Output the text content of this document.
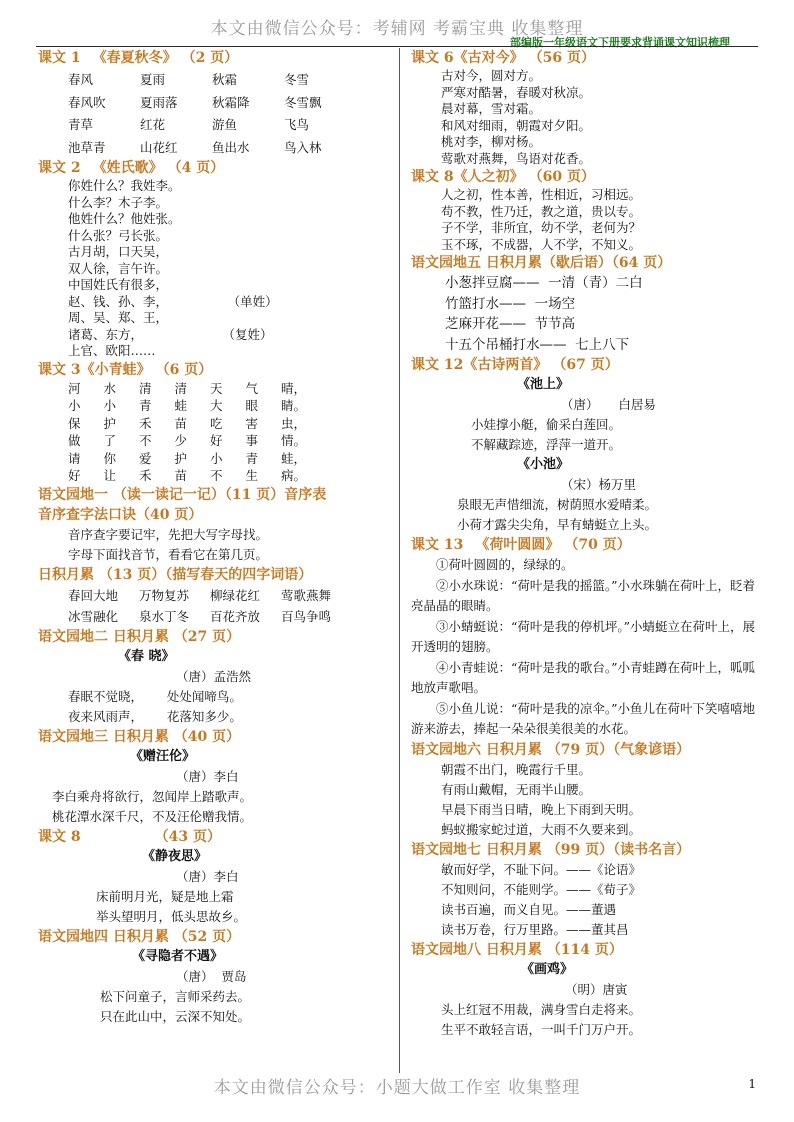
本文由微信公众号：考辅网 考霸宝典 收集整理
部编版一年级语文下册要求背诵课文知识梳理
课文 1 《春夏秋冬》 （2 页）
春风	夏雨	秋霜	冬雪
春风吹	夏雨落	秋霜降	冬雪飘
青草	红花	游鱼	飞鸟
池草青	山花红	鱼出水	鸟入林
课文 2 《姓氏歌》 （4 页）
你姓什么？我姓李。
什么李？木子李。
他姓什么？他姓张。
什么张？弓长张。
古月胡，口天吴，
双人徐，言午许。
中国姓氏有很多，
赵、钱、孙、李，               （单姓）
周、吴、郑、王，
诸葛、东方，                    （复姓）
上官、欧阳……
课文 3《小青蛙》 （6 页）
河 水 清 清 天 气 晴，
小 小 青 蛙 大 眼 睛。
保 护 禾 苗 吃 害 虫，
做 了 不 少 好 事 情。
请 你 爱 护 小 青 蛙，
好 让 禾 苗 不 生 病。
语文园地一 （读一读记一记）（11 页）音序表
音序查字法口诀（40 页）
音序查字要记牢，先把大写字母找。
字母下面找音节，看看它在第几页。
日积月累 （13 页）（描写春天的四字词语）
春回大地 万物复苏 柳绿花红 莺歌燕舞
冰雪融化 泉水丁冬 百花齐放 百鸟争鸣
语文园地二 日积月累 （27 页）
《春 晓》
（唐）孟浩然
春眠不觉晓，      处处闻啼鸟。
夜来风雨声，      花落知多少。
语文园地三 日积月累 （40 页）
《赠汪伦》
（唐）李白
李白乘舟将欲行，忽闻岸上踏歌声。
桃花潭水深千尺，不及汪伦赠我情。
课文 8	（43 页）
《静夜思》
（唐）李白
床前明月光，疑是地上霜
举头望明月，低头思故乡。
语文园地四 日积月累 （52 页）
《寻隐者不遇》
（唐）  贾岛
松下问童子，言师采药去。
只在此山中，云深不知处。
课文 6《古对今》 （56 页）
古对今，圆对方。
严寒对酷暑，春暖对秋凉。
晨对幕，雪对霜。
和风对细雨，朝霞对夕阳。
桃对李，柳对杨。
莺歌对燕舞，鸟语对花香。
课文 8《人之初》 （60 页）
人之初，性本善，性相近，习相远。
苟不教，性乃迁，教之道，贵以专。
子不学，非所宜，幼不学，老何为？
玉不琢，不成器，人不学，不知义。
语文园地五 日积月累（歇后语）（64 页）
小葱拌豆腐——  一清（青）二白
竹篮打水——  一场空
芝麻开花——  节节高
十五个吊桶打水——  七上八下
课文 12《古诗两首》 （67 页）
《池上》
（唐）     白居易
小娃撑小艇，偷采白莲回。
不解藏踪迹，浮萍一道开。
《小池》
（宋）杨万里
泉眼无声惜细流，树荫照水爱晴柔。
小荷才露尖尖角，早有蜻蜓立上头。
课文 13 《荷叶圆圆》 （70 页）
①荷叶圆圆的，绿绿的。
②小水珠说：“荷叶是我的摇篮。”小水珠躺在荷叶上，眨着亮晶晶的眼睛。
③小蜻蜓说：“荷叶是我的停机坪。”小蜻蜓立在荷叶上，展开透明的翅膀。
④小青蛙说：“荷叶是我的歌台。”小青蛙蹲在荷叶上，呱呱地放声歌唱。
⑤小鱼儿说：“荷叶是我的凉伞。”小鱼儿在荷叶下笑嘻嘻地游来游去，捧起一朵朵很美很美的水花。
语文园地六 日积月累 （79 页）（气象谚语）
朝霞不出门，晚霞行千里。
有雨山戴帽，无雨半山腰。
早晨下雨当日晴，晚上下雨到天明。
蚂蚁搬家蛇过道，大雨不久要来到。
语文园地七 日积月累 （99 页）（读书名言）
敏而好学，不耻下问。——《论语》
不知则问，不能则学。——《荀子》
读书百遍，而义自见。——董遇
读书万卷，行万里路。——董其昌
语文园地八 日积月累 （114 页）
《画鸡》
（明）唐寅
头上红冠不用裁，满身雪白走将来。
生平不敢轻言语，一叫千门万户开。
本文由微信公众号：小题大做工作室 收集整理	1
